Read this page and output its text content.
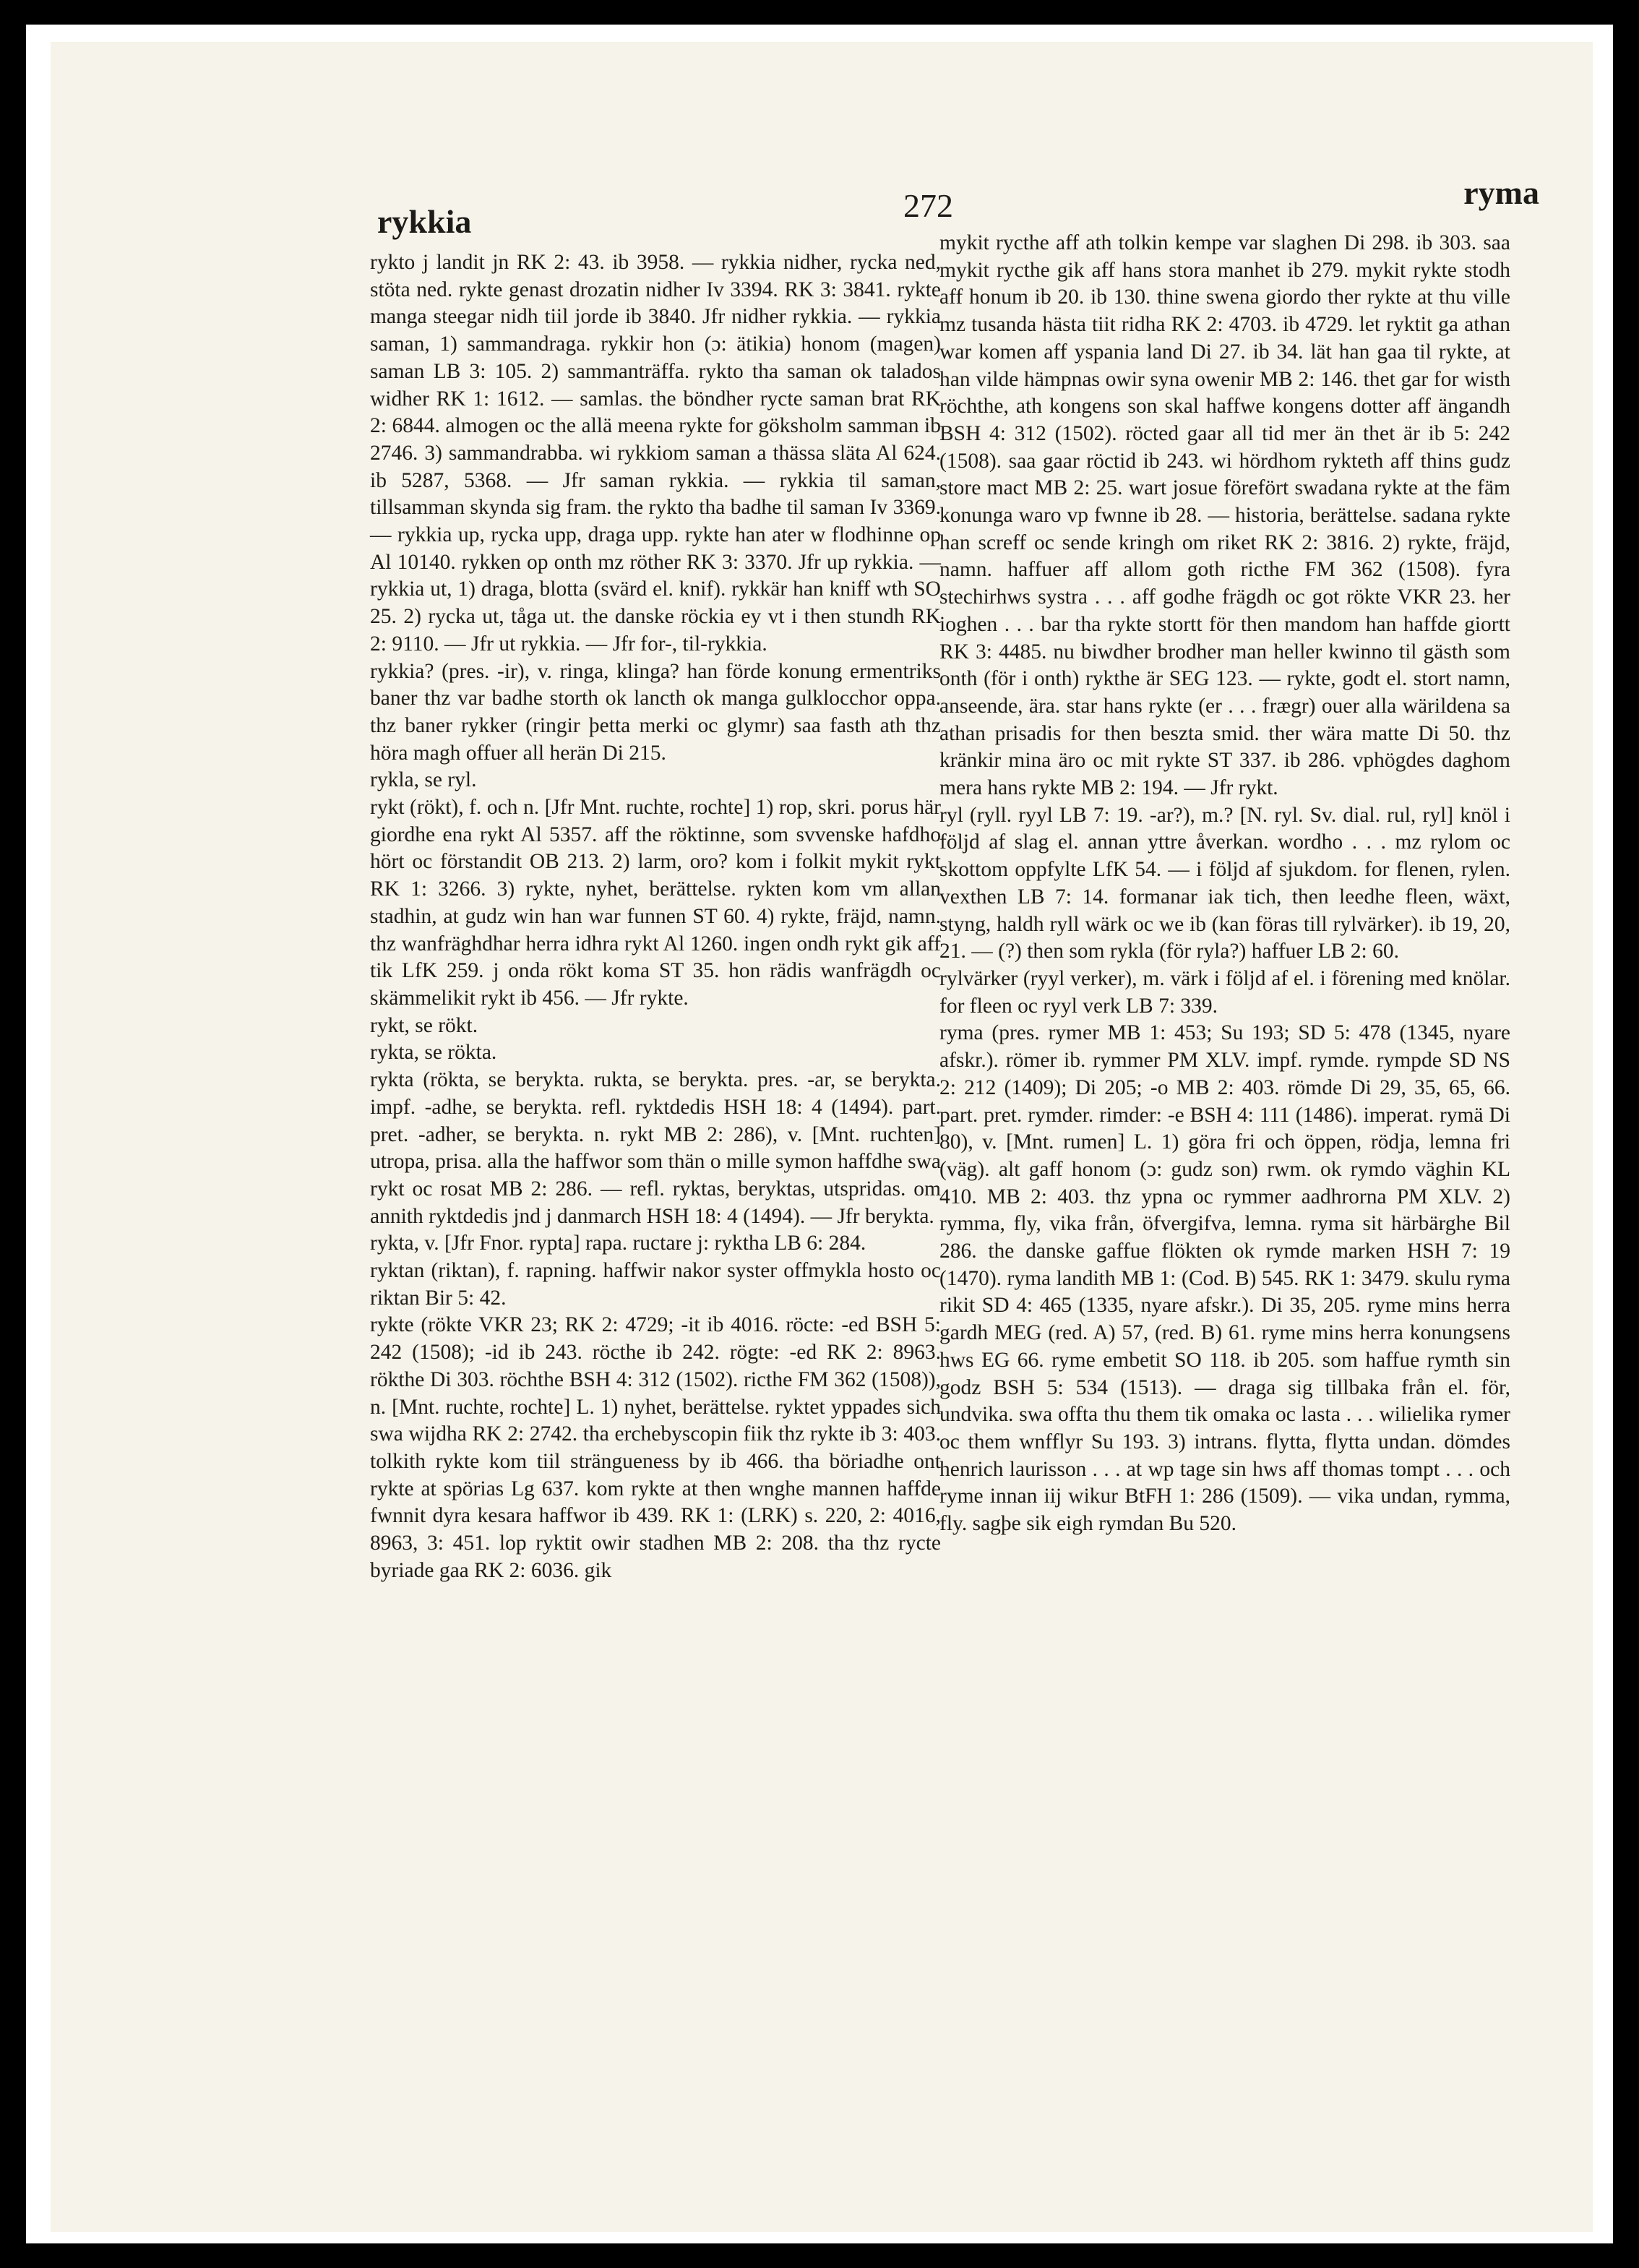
rykkia	272	ryma

rykto j landit jn RK 2: 43. ib 3958. — rykkia nidher, rycka ned, stöta ned. rykte genast drozatin nidher Iv 3394. RK 3: 3841. rykte manga steegar nidh tiil jorde ib 3840. Jfr nidher rykkia. — rykkia saman, 1) sammandraga. rykkir hon (ɔ: ätikia) honom (magen) saman LB 3: 105. 2) sammanträffa. rykto tha saman ok talados widher RK 1: 1612. — samlas. the böndher rycte saman brat RK 2: 6844. almogen oc the allä meena rykte for göksholm samman ib 2746. 3) sammandrabba. wi rykkiom saman a thässa släta Al 624. ib 5287, 5368. — Jfr saman rykkia. — rykkia til saman, tillsamman skynda sig fram. the rykto tha badhe til saman Iv 3369. — rykkia up, rycka upp, draga upp. rykte han ater w flodhinne op Al 10140. rykken op onth mz röther RK 3: 3370. Jfr up rykkia. — rykkia ut, 1) draga, blotta (svärd el. knif). rykkär han kniff wth SO 25. 2) rycka ut, tåga ut. the danske röckia ey vt i then stundh RK 2: 9110. — Jfr ut rykkia. — Jfr for-, til-rykkia.

rykkia? (pres. -ir), v. ringa, klinga? han förde konung ermentriks baner thz var badhe storth ok lancth ok manga gulklocchor oppa. thz baner rykker (ringir þetta merki oc glymr) saa fasth ath thz höra magh offuer all herän Di 215.

rykla, se ryl.

rykt (rökt), f. och n. [Jfr Mnt. ruchte, rochte] 1) rop, skri. porus här giordhe ena rykt Al 5357. aff the röktinne, som svvenske hafdho hört oc förstandit OB 213. 2) larm, oro? kom i folkit mykit rykt RK 1: 3266. 3) rykte, nyhet, berättelse. rykten kom vm allan stadhin, at gudz win han war funnen ST 60. 4) rykte, fräjd, namn. thz wanfräghdhar herra idhra rykt Al 1260. ingen ondh rykt gik aff tik LfK 259. j onda rökt koma ST 35. hon rädis wanfrägdh oc skämmelikit rykt ib 456. — Jfr rykte.

rykt, se rökt.

rykta, se rökta.

rykta (rökta, se berykta. rukta, se berykta. pres. -ar, se berykta. impf. -adhe, se berykta. refl. ryktdedis HSH 18: 4 (1494). part. pret. -adher, se berykta. n. rykt MB 2: 286), v. [Mnt. ruchten] utropa, prisa. alla the haffwor som thän o mille symon haffdhe swa rykt oc rosat MB 2: 286. — refl. ryktas, beryktas, utspridas. om annith ryktdedis jnd j danmarch HSH 18: 4 (1494). — Jfr berykta.

rykta, v. [Jfr Fnor. rypta] rapa. ructare j: ryktha LB 6: 284.

ryktan (riktan), f. rapning. haffwir nakor syster offmykla hosto oc riktan Bir 5: 42.

rykte (rökte VKR 23; RK 2: 4729; -it ib 4016. röcte: -ed BSH 5: 242 (1508); -id ib 243. röcthe ib 242. rögte: -ed RK 2: 8963. rökthe Di 303. röchthe BSH 4: 312 (1502). ricthe FM 362 (1508)), n. [Mnt. ruchte, rochte] L. 1) nyhet, berättelse. ryktet yppades sich swa wijdha RK 2: 2742. tha erchebyscopin fiik thz rykte ib 3: 403. tolkith rykte kom tiil strängueness by ib 466. tha böriadhe ont rykte at spörias Lg 637. kom rykte at then wnghe mannen haffde fwnnit dyra kesara haffwor ib 439. RK 1: (LRK) s. 220, 2: 4016, 8963, 3: 451. lop ryktit owir stadhen MB 2: 208. tha thz rycte byriade gaa RK 2: 6036. gik

mykit rycthe aff ath tolkin kempe var slaghen Di 298. ib 303. saa mykit rycthe gik aff hans stora manhet ib 279. mykit rykte stodh aff honum ib 20. ib 130. thine swena giordo ther rykte at thu ville mz tusanda hästa tiit ridha RK 2: 4703. ib 4729. let ryktit ga athan war komen aff yspania land Di 27. ib 34. lät han gaa til rykte, at han vilde hämpnas owir syna owenir MB 2: 146. thet gar for wisth röchthe, ath kongens son skal haffwe kongens dotter aff ängandh BSH 4: 312 (1502). röcted gaar all tid mer än thet är ib 5: 242 (1508). saa gaar röctid ib 243. wi hördhom rykteth aff thins gudz store mact MB 2: 25. wart josue förefört swadana rykte at the fäm konunga waro vp fwnne ib 28. — historia, berättelse. sadana rykte han screff oc sende kringh om riket RK 2: 3816. 2) rykte, fräjd, namn. haffuer aff allom goth ricthe FM 362 (1508). fyra stechirhws systra . . . aff godhe frägdh oc got rökte VKR 23. her ioghen . . . bar tha rykte stortt för then mandom han haffde giortt RK 3: 4485. nu biwdher brodher man heller kwinno til gästh som onth (för i onth) rykthe är SEG 123. — rykte, godt el. stort namn, anseende, ära. star hans rykte (er . . . frægr) ouer alla wärildena sa athan prisadis for then beszta smid. ther wära matte Di 50. thz kränkir mina äro oc mit rykte ST 337. ib 286. vphögdes daghom mera hans rykte MB 2: 194. — Jfr rykt.

ryl (ryll. ryyl LB 7: 19. -ar?), m.? [N. ryl. Sv. dial. rul, ryl] knöl i följd af slag el. annan yttre åverkan. wordho . . . mz rylom oc skottom oppfylte LfK 54. — i följd af sjukdom. for flenen, rylen. vexthen LB 7: 14. formanar iak tich, then leedhe fleen, wäxt, styng, haldh ryll wärk oc we ib (kan föras till rylvärker). ib 19, 20, 21. — (?) then som rykla (för ryla?) haffuer LB 2: 60.

rylvärker (ryyl verker), m. värk i följd af el. i förening med knölar. for fleen oc ryyl verk LB 7: 339.

ryma (pres. rymer MB 1: 453; Su 193; SD 5: 478 (1345, nyare afskr.). römer ib. rymmer PM XLV. impf. rymde. rympde SD NS 2: 212 (1409); Di 205; -o MB 2: 403. römde Di 29, 35, 65, 66. part. pret. rymder. rimder: -e BSH 4: 111 (1486). imperat. rymä Di 80), v. [Mnt. rumen] L. 1) göra fri och öppen, rödja, lemna fri (väg). alt gaff honom (ɔ: gudz son) rwm. ok rymdo väghin KL 410. MB 2: 403. thz ypna oc rymmer aadhrorna PM XLV. 2) rymma, fly, vika från, öfvergifva, lemna. ryma sit härbärghe Bil 286. the danske gaffue flökten ok rymde marken HSH 7: 19 (1470). ryma landith MB 1: (Cod. B) 545. RK 1: 3479. skulu ryma rikit SD 4: 465 (1335, nyare afskr.). Di 35, 205. ryme mins herra gardh MEG (red. A) 57, (red. B) 61. ryme mins herra konungsens hws EG 66. ryme embetit SO 118. ib 205. som haffue rymth sin godz BSH 5: 534 (1513). — draga sig tillbaka från el. för, undvika. swa offta thu them tik omaka oc lasta . . . wilielika rymer oc them wnfflyr Su 193. 3) intrans. flytta, flytta undan. dömdes henrich laurisson . . . at wp tage sin hws aff thomas tompt . . . och ryme innan iij wikur BtFH 1: 286 (1509). — vika undan, rymma, fly. sagþe sik eigh rymdan Bu 520.
